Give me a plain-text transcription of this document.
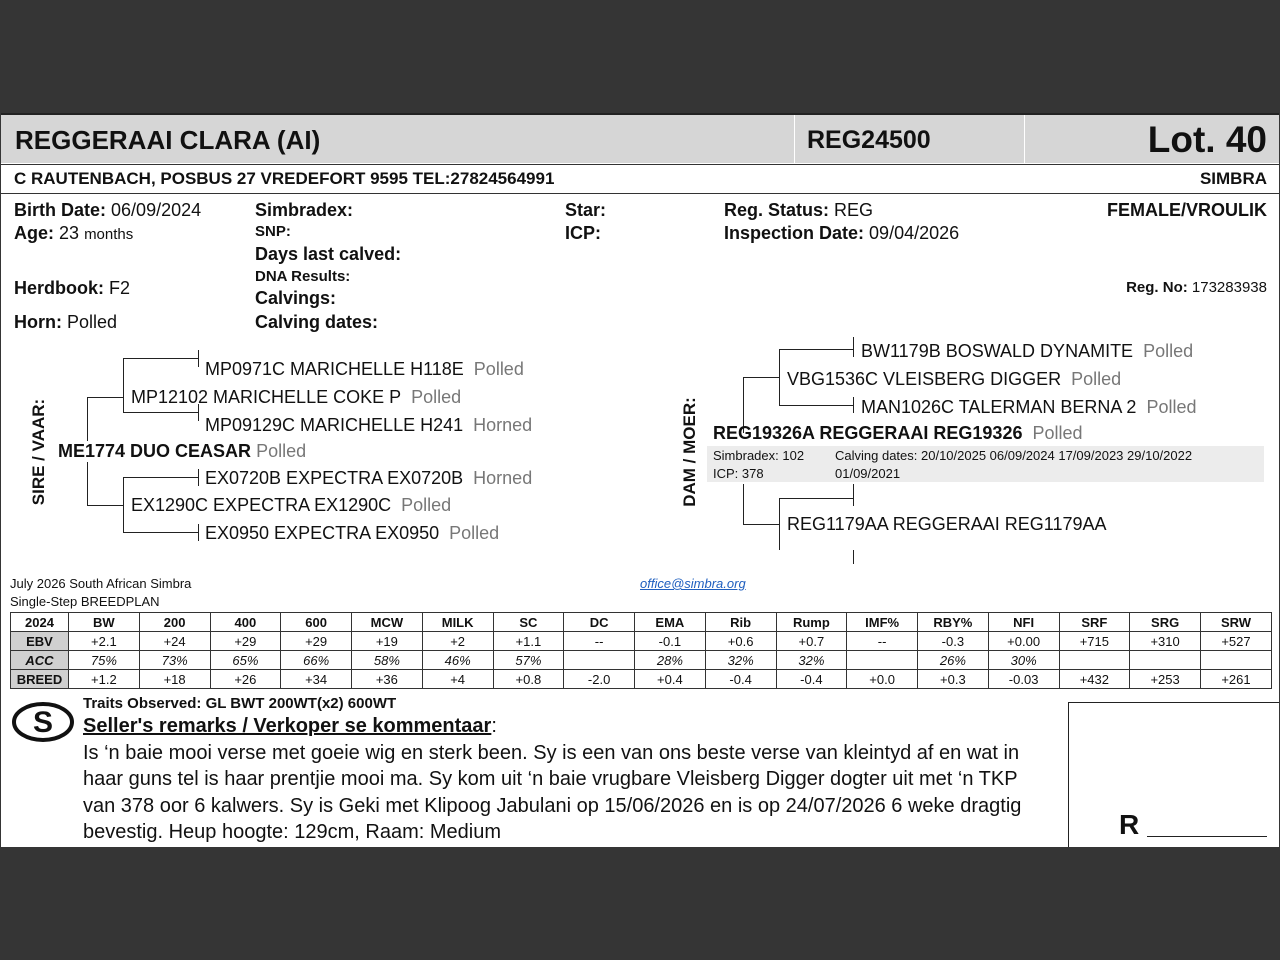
REGGERAAI CLARA (AI)	REG24500	Lot. 40
C RAUTENBACH, POSBUS 27 VREDEFORT 9595 TEL:27824564991	SIMBRA
Birth Date: 06/09/2024
Age: 23 months
Herdbook: F2
Horn: Polled
Simbradex:
SNP:
Days last calved:
DNA Results:
Calvings:
Calving dates:
Star:
ICP:
Reg. Status: REG
Inspection Date: 09/04/2026
FEMALE/VROULIK
Reg. No: 173283938
SIRE / VAAR:
MP0971C MARICHELLE H118E Polled
MP12102 MARICHELLE COKE P Polled
MP09129C MARICHELLE H241 Horned
ME1774 DUO CEASAR Polled
EX0720B EXPECTRA EX0720B Horned
EX1290C EXPECTRA EX1290C Polled
EX0950 EXPECTRA EX0950 Polled
DAM / MOER:
BW1179B BOSWALD DYNAMITE Polled
VBG1536C VLEISBERG DIGGER Polled
MAN1026C TALERMAN BERNA 2 Polled
REG19326A REGGERAAI REG19326 Polled
Simbradex: 102
ICP: 378
Calving dates: 20/10/2025 06/09/2024 17/09/2023 29/10/2022
01/09/2021
REG1179AA REGGERAAI REG1179AA
July 2026 South African Simbra
Single-Step BREEDPLAN
office@simbra.org
2024	BW	200	400	600	MCW	MILK	SC	DC	EMA	Rib	Rump	IMF%	RBY%	NFI	SRF	SRG	SRW
EBV	+2.1	+24	+29	+29	+19	+2	+1.1	--	-0.1	+0.6	+0.7	--	-0.3	+0.00	+715	+310	+527
ACC	75%	73%	65%	66%	58%	46%	57%		28%	32%	32%		26%	30%			
BREED	+1.2	+18	+26	+34	+36	+4	+0.8	-2.0	+0.4	-0.4	-0.4	+0.0	+0.3	-0.03	+432	+253	+261
S
Traits Observed: GL BWT 200WT(x2) 600WT
Seller's remarks / Verkoper se kommentaar:
Is ‘n baie mooi verse met goeie wig en sterk been. Sy is een van ons beste verse van kleintyd af en wat in
haar guns tel is haar prentjie mooi ma. Sy kom uit ‘n baie vrugbare Vleisberg Digger dogter uit met ‘n TKP
van 378 oor 6 kalwers. Sy is Geki met Klipoog Jabulani op 15/06/2026 en is op 24/07/2026 6 weke dragtig
bevestig. Heup hoogte: 129cm, Raam: Medium	R
